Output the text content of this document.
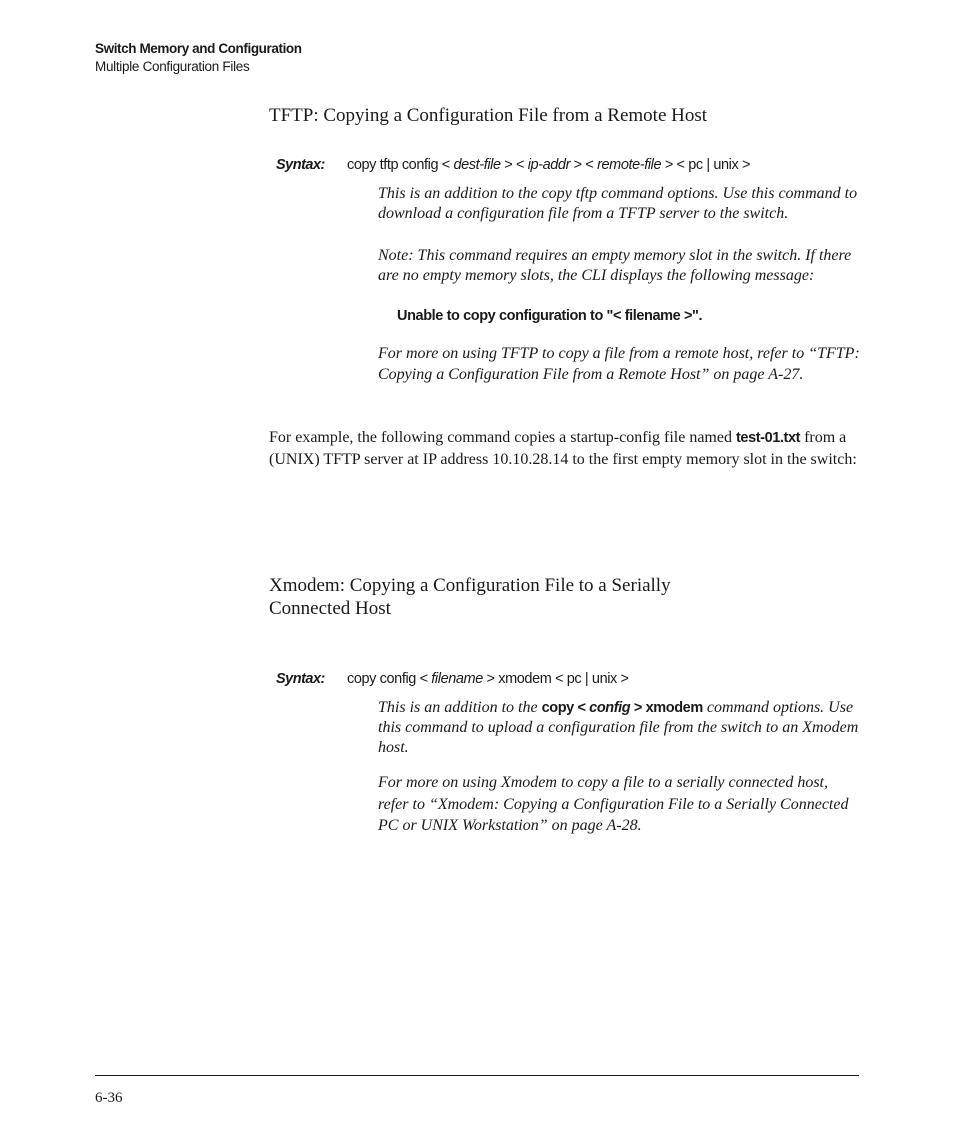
Switch Memory and Configuration
Multiple Configuration Files
TFTP: Copying a Configuration File from a Remote Host
Syntax: copy tftp config < dest-file > < ip-addr > < remote-file > < pc | unix >

This is an addition to the copy tftp command options. Use this command to download a configuration file from a TFTP server to the switch.

Note: This command requires an empty memory slot in the switch. If there are no empty memory slots, the CLI displays the following message:

Unable to copy configuration to "< filename >".

For more on using TFTP to copy a file from a remote host, refer to “TFTP: Copying a Configuration File from a Remote Host” on page A-27.

For example, the following command copies a startup-config file named test-01.txt from a (UNIX) TFTP server at IP address 10.10.28.14 to the first empty memory slot in the switch:

Xmodem: Copying a Configuration File to a Serially
Connected Host
Syntax: copy config < filename > xmodem < pc | unix >

This is an addition to the copy < config > xmodem command options. Use this command to upload a configuration file from the switch to an Xmodem host.

For more on using Xmodem to copy a file to a serially connected host, refer to “Xmodem: Copying a Configuration File to a Serially Connected PC or UNIX Workstation” on page A-28.

6-36
